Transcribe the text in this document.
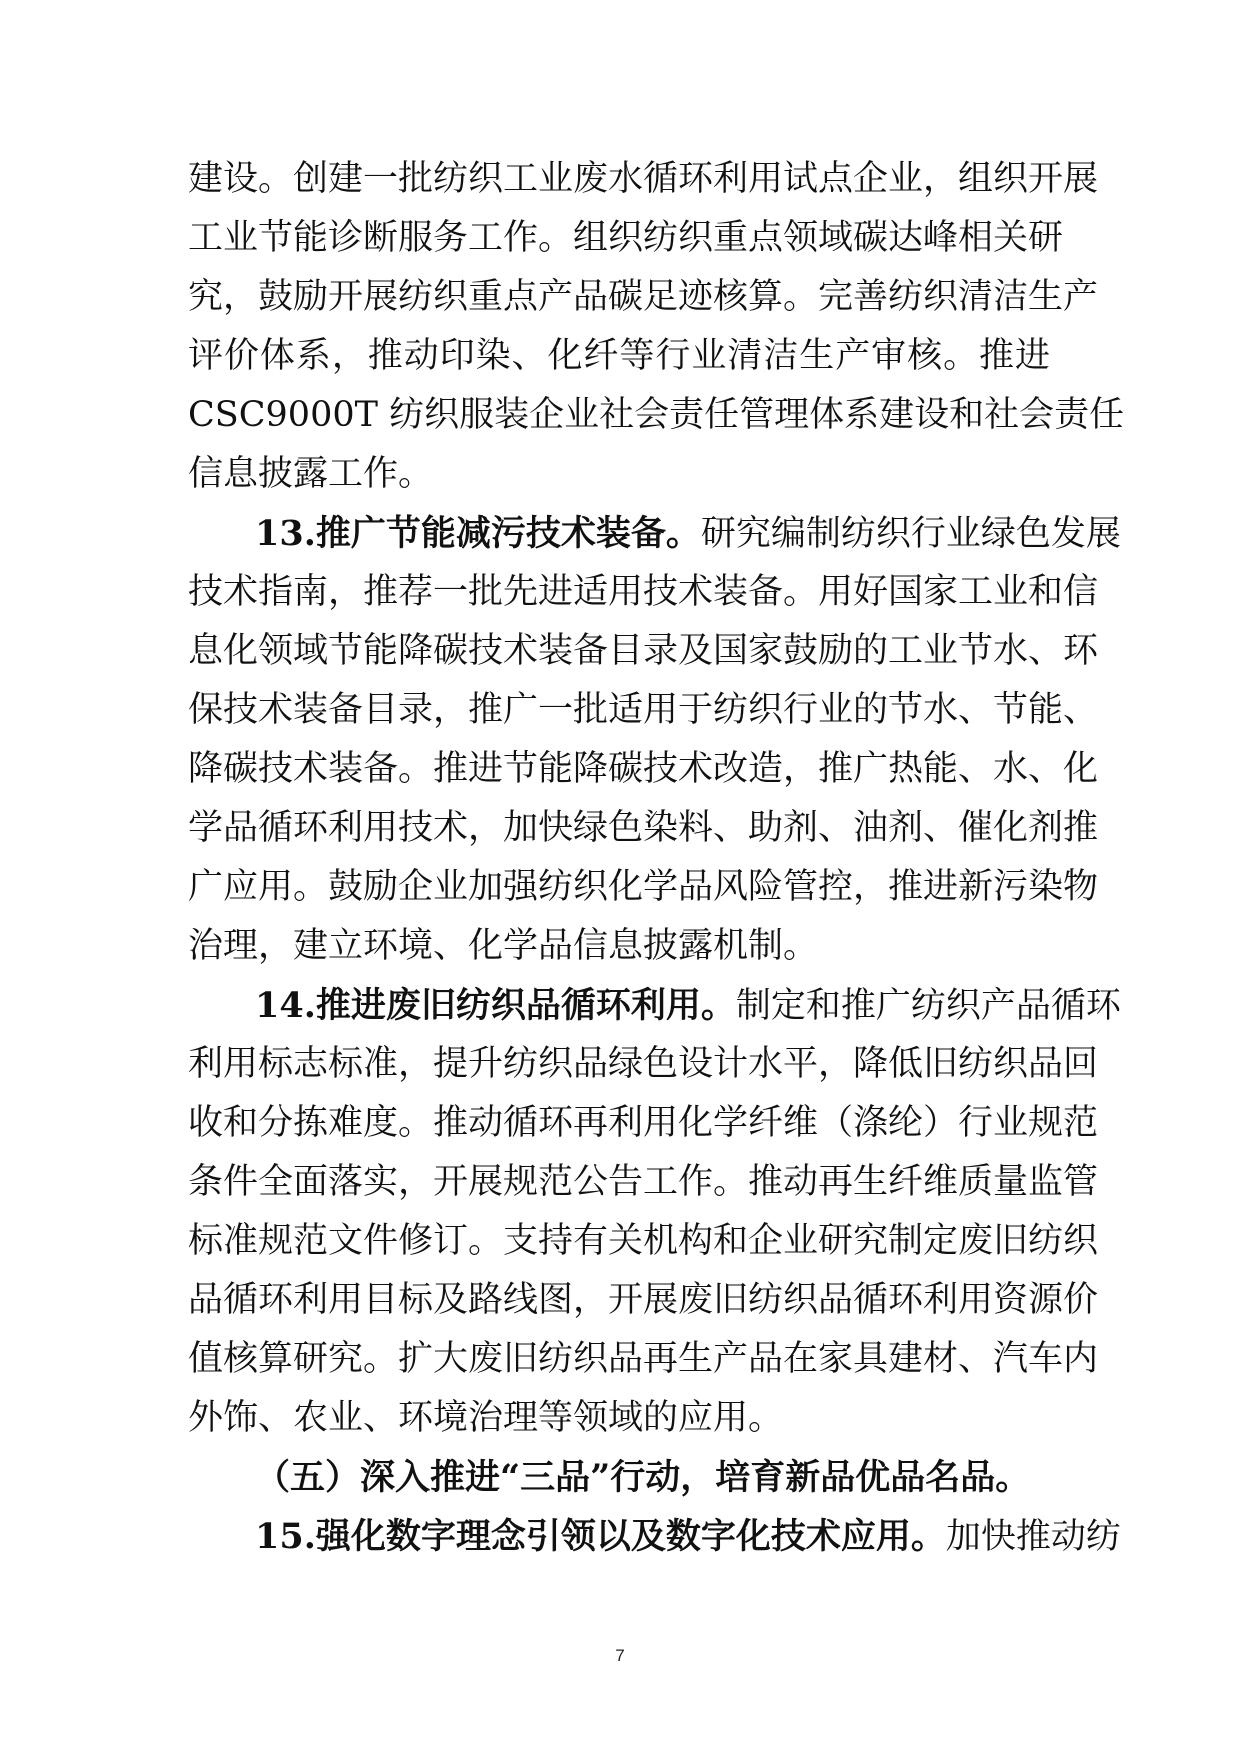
建设。创建一批纺织工业废水循环利用试点企业，组织开展
工业节能诊断服务工作。组织纺织重点领域碳达峰相关研
究，鼓励开展纺织重点产品碳足迹核算。完善纺织清洁生产
评价体系，推动印染、化纤等行业清洁生产审核。推进
CSC9000T 纺织服装企业社会责任管理体系建设和社会责任
信息披露工作。
13.推广节能减污技术装备。研究编制纺织行业绿色发展
技术指南，推荐一批先进适用技术装备。用好国家工业和信
息化领域节能降碳技术装备目录及国家鼓励的工业节水、环
保技术装备目录，推广一批适用于纺织行业的节水、节能、
降碳技术装备。推进节能降碳技术改造，推广热能、水、化
学品循环利用技术，加快绿色染料、助剂、油剂、催化剂推
广应用。鼓励企业加强纺织化学品风险管控，推进新污染物
治理，建立环境、化学品信息披露机制。
14.推进废旧纺织品循环利用。制定和推广纺织产品循环
利用标志标准，提升纺织品绿色设计水平，降低旧纺织品回
收和分拣难度。推动循环再利用化学纤维（涤纶）行业规范
条件全面落实，开展规范公告工作。推动再生纤维质量监管
标准规范文件修订。支持有关机构和企业研究制定废旧纺织
品循环利用目标及路线图，开展废旧纺织品循环利用资源价
值核算研究。扩大废旧纺织品再生产品在家具建材、汽车内
外饰、农业、环境治理等领域的应用。
（五）深入推进“三品”行动，培育新品优品名品。
15.强化数字理念引领以及数字化技术应用。加快推动纺
7
